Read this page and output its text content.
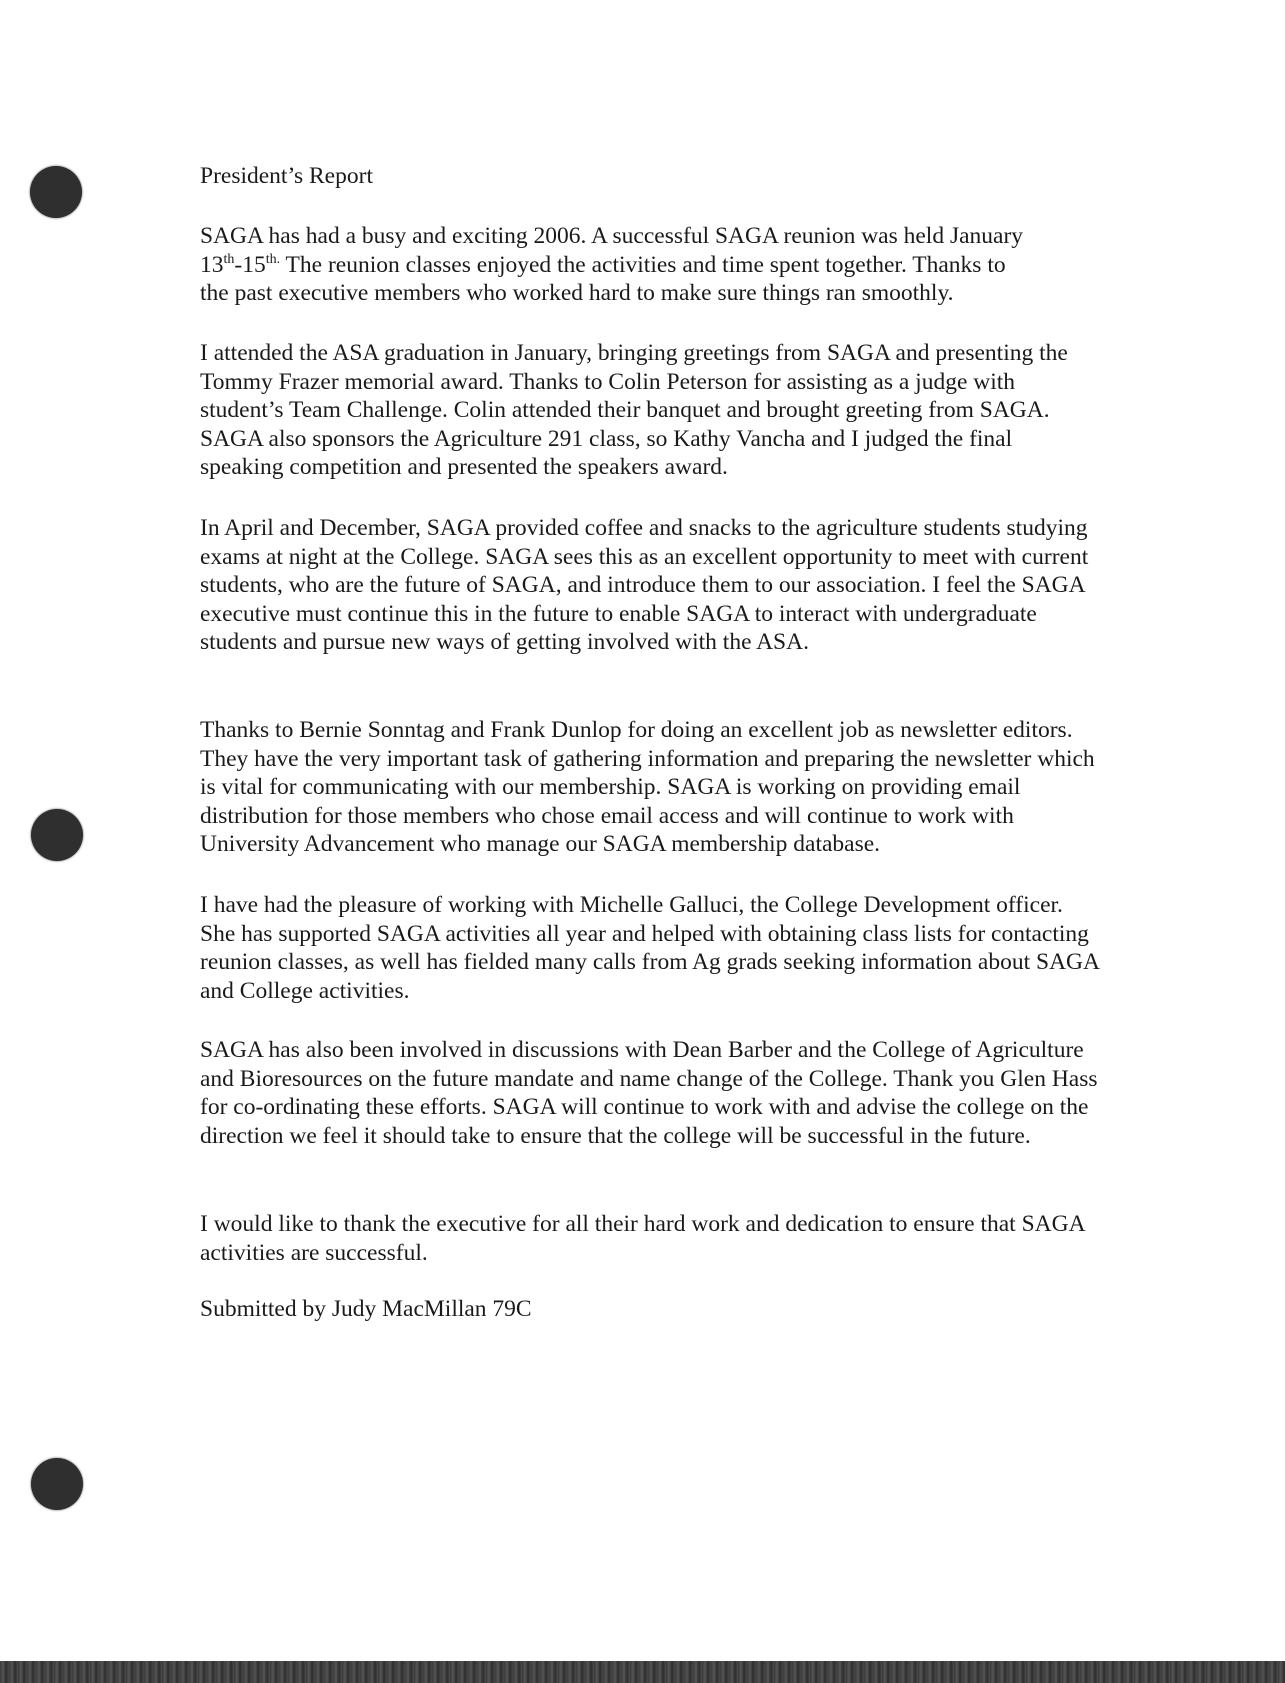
President’s Report

SAGA has had a busy and exciting 2006. A successful SAGA reunion was held January
$13th-15^{th.}$ The reunion classes enjoyed the activities and time spent together. Thanks to
the past executive members who worked hard to make sure things ran smoothly.

I attended the ASA graduation in January, bringing greetings from SAGA and presenting the Tommy Frazer memorial award. Thanks to Colin Peterson for assisting as a judge with student’s Team Challenge. Colin attended their banquet and brought greeting from SAGA. SAGA also sponsors the Agriculture 291 class, so Kathy Vancha and I judged the final speaking competition and presented the speakers award.

In April and December, SAGA provided coffee and snacks to the agriculture students studying exams at night at the College. SAGA sees this as an excellent opportunity to meet with current students, who are the future of SAGA, and introduce them to our association. I feel the SAGA executive must continue this in the future to enable SAGA to interact with undergraduate students and pursue new ways of getting involved with the ASA.

Thanks to Bernie Sonntag and Frank Dunlop for doing an excellent job as newsletter editors. They have the very important task of gathering information and preparing the newsletter which is vital for communicating with our membership. SAGA is working on providing email distribution for those members who chose email access and will continue to work with University Advancement who manage our SAGA membership database.

I have had the pleasure of working with Michelle Galluci, the College Development officer. She has supported SAGA activities all year and helped with obtaining class lists for contacting reunion classes, as well has fielded many calls from Ag grads seeking information about SAGA and College activities.

SAGA has also been involved in discussions with Dean Barber and the College of Agriculture and Bioresources on the future mandate and name change of the College. Thank you Glen Hass for co-ordinating these efforts. SAGA will continue to work with and advise the college on the direction we feel it should take to ensure that the college will be successful in the future.

I would like to thank the executive for all their hard work and dedication to ensure that SAGA activities are successful.

Submitted by Judy MacMillan 79C
